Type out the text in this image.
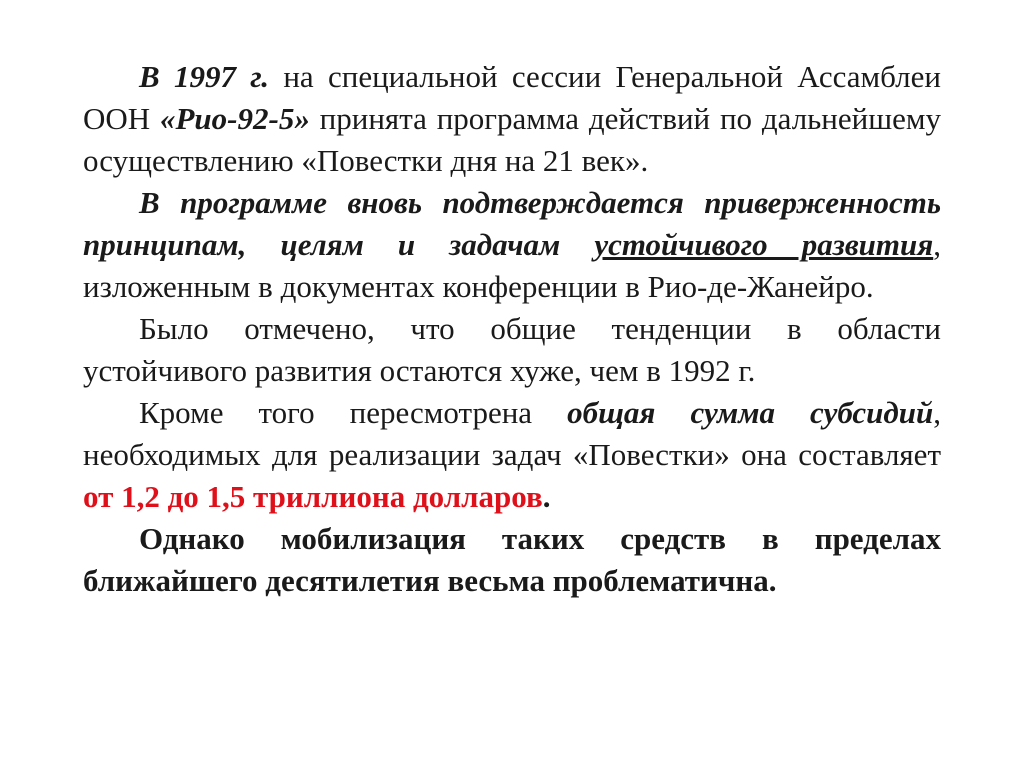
В 1997 г. на специальной сессии Генеральной Ассамблеи ООН «Рио-92-5» принята программа действий по дальнейшему осуществлению «Повестки дня на 21 век».

В программе вновь подтверждается приверженность принципам, целям и задачам устойчивого развития, изложенным в документах конференции в Рио-де-Жанейро.

Было отмечено, что общие тенденции в области устойчивого развития остаются хуже, чем в 1992 г.

Кроме того пересмотрена общая сумма субсидий, необходимых для реализации задач «Повестки» она составляет от 1,2 до 1,5 триллиона долларов.

Однако мобилизация таких средств в пределах ближайшего десятилетия весьма проблематична.
